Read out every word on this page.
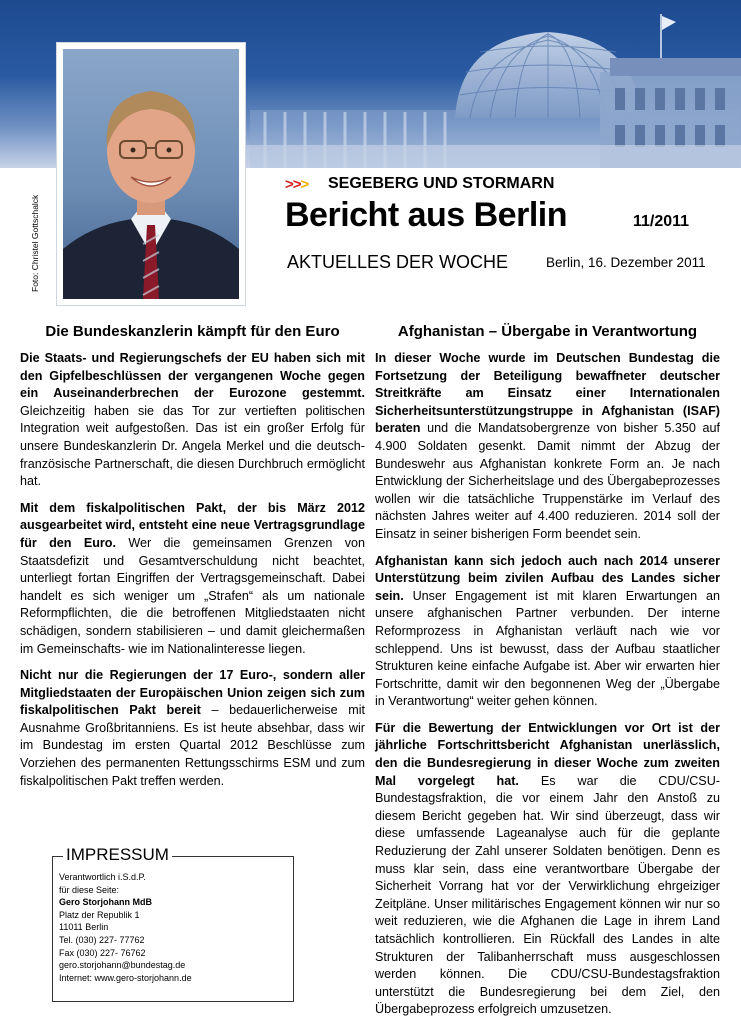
Foto: Christel Gottschalck
>>> SEGEBERG UND STORMARN
Bericht aus Berlin	11/2011
AKTUELLES DER WOCHE	Berlin, 16. Dezember 2011
Die Bundeskanzlerin kämpft für den Euro

Die Staats- und Regierungschefs der EU haben sich mit den Gipfelbeschlüssen der vergangenen Woche gegen ein Auseinanderbrechen der Eurozone gestemmt. Gleichzeitig haben sie das Tor zur vertieften politischen Integration weit aufgestoßen. Das ist ein großer Erfolg für unsere Bundeskanzlerin Dr. Angela Merkel und die deutsch-französische Partnerschaft, die diesen Durchbruch ermöglicht hat.

Mit dem fiskalpolitischen Pakt, der bis März 2012 ausgearbeitet wird, entsteht eine neue Vertragsgrundlage für den Euro. Wer die gemeinsamen Grenzen von Staatsdefizit und Gesamtverschuldung nicht beachtet, unterliegt fortan Eingriffen der Vertragsgemeinschaft. Dabei handelt es sich weniger um „Strafen“ als um nationale Reformpflichten, die die betroffenen Mitgliedstaaten nicht schädigen, sondern stabilisieren – und damit gleichermaßen im Gemeinschafts- wie im Nationalinteresse liegen.

Nicht nur die Regierungen der 17 Euro-, sondern aller Mitgliedstaaten der Europäischen Union zeigen sich zum fiskalpolitischen Pakt bereit – bedauerlicherweise mit Ausnahme Großbritanniens. Es ist heute absehbar, dass wir im Bundestag im ersten Quartal 2012 Beschlüsse zum Vorziehen des permanenten Rettungsschirms ESM und zum fiskalpolitischen Pakt treffen werden.

Afghanistan – Übergabe in Verantwortung

In dieser Woche wurde im Deutschen Bundestag die Fortsetzung der Beteiligung bewaffneter deutscher Streitkräfte am Einsatz einer Internationalen Sicherheitsunterstützungstruppe in Afghanistan (ISAF) beraten und die Mandatsobergrenze von bisher 5.350 auf 4.900 Soldaten gesenkt. Damit nimmt der Abzug der Bundeswehr aus Afghanistan konkrete Form an. Je nach Entwicklung der Sicherheitslage und des Übergabeprozesses wollen wir die tatsächliche Truppenstärke im Verlauf des nächsten Jahres weiter auf 4.400 reduzieren. 2014 soll der Einsatz in seiner bisherigen Form beendet sein.

Afghanistan kann sich jedoch auch nach 2014 unserer Unterstützung beim zivilen Aufbau des Landes sicher sein. Unser Engagement ist mit klaren Erwartungen an unsere afghanischen Partner verbunden. Der interne Reformprozess in Afghanistan verläuft nach wie vor schleppend. Uns ist bewusst, dass der Aufbau staatlicher Strukturen keine einfache Aufgabe ist. Aber wir erwarten hier Fortschritte, damit wir den begonnenen Weg der „Übergabe in Verantwortung“ weiter gehen können.

Für die Bewertung der Entwicklungen vor Ort ist der jährliche Fortschrittsbericht Afghanistan unerlässlich, den die Bundesregierung in dieser Woche zum zweiten Mal vorgelegt hat. Es war die CDU/CSU-Bundestagsfraktion, die vor einem Jahr den Anstoß zu diesem Bericht gegeben hat. Wir sind überzeugt, dass wir diese umfassende Lageanalyse auch für die geplante Reduzierung der Zahl unserer Soldaten benötigen. Denn es muss klar sein, dass eine verantwortbare Übergabe der Sicherheit Vorrang hat vor der Verwirklichung ehrgeiziger Zeitpläne. Unser militärisches Engagement können wir nur so weit reduzieren, wie die Afghanen die Lage in ihrem Land tatsächlich kontrollieren. Ein Rückfall des Landes in alte Strukturen der Talibanherrschaft muss ausgeschlossen werden können. Die CDU/CSU-Bundestagsfraktion unterstützt die Bundesregierung bei dem Ziel, den Übergabeprozess erfolgreich umzusetzen.

IMPRESSUM
Verantwortlich i.S.d.P.
für diese Seite:
Gero Storjohann MdB
Platz der Republik 1
11011 Berlin
Tel. (030) 227- 77762
Fax (030) 227- 76762
gero.storjohann@bundestag.de
Internet: www.gero-storjohann.de
